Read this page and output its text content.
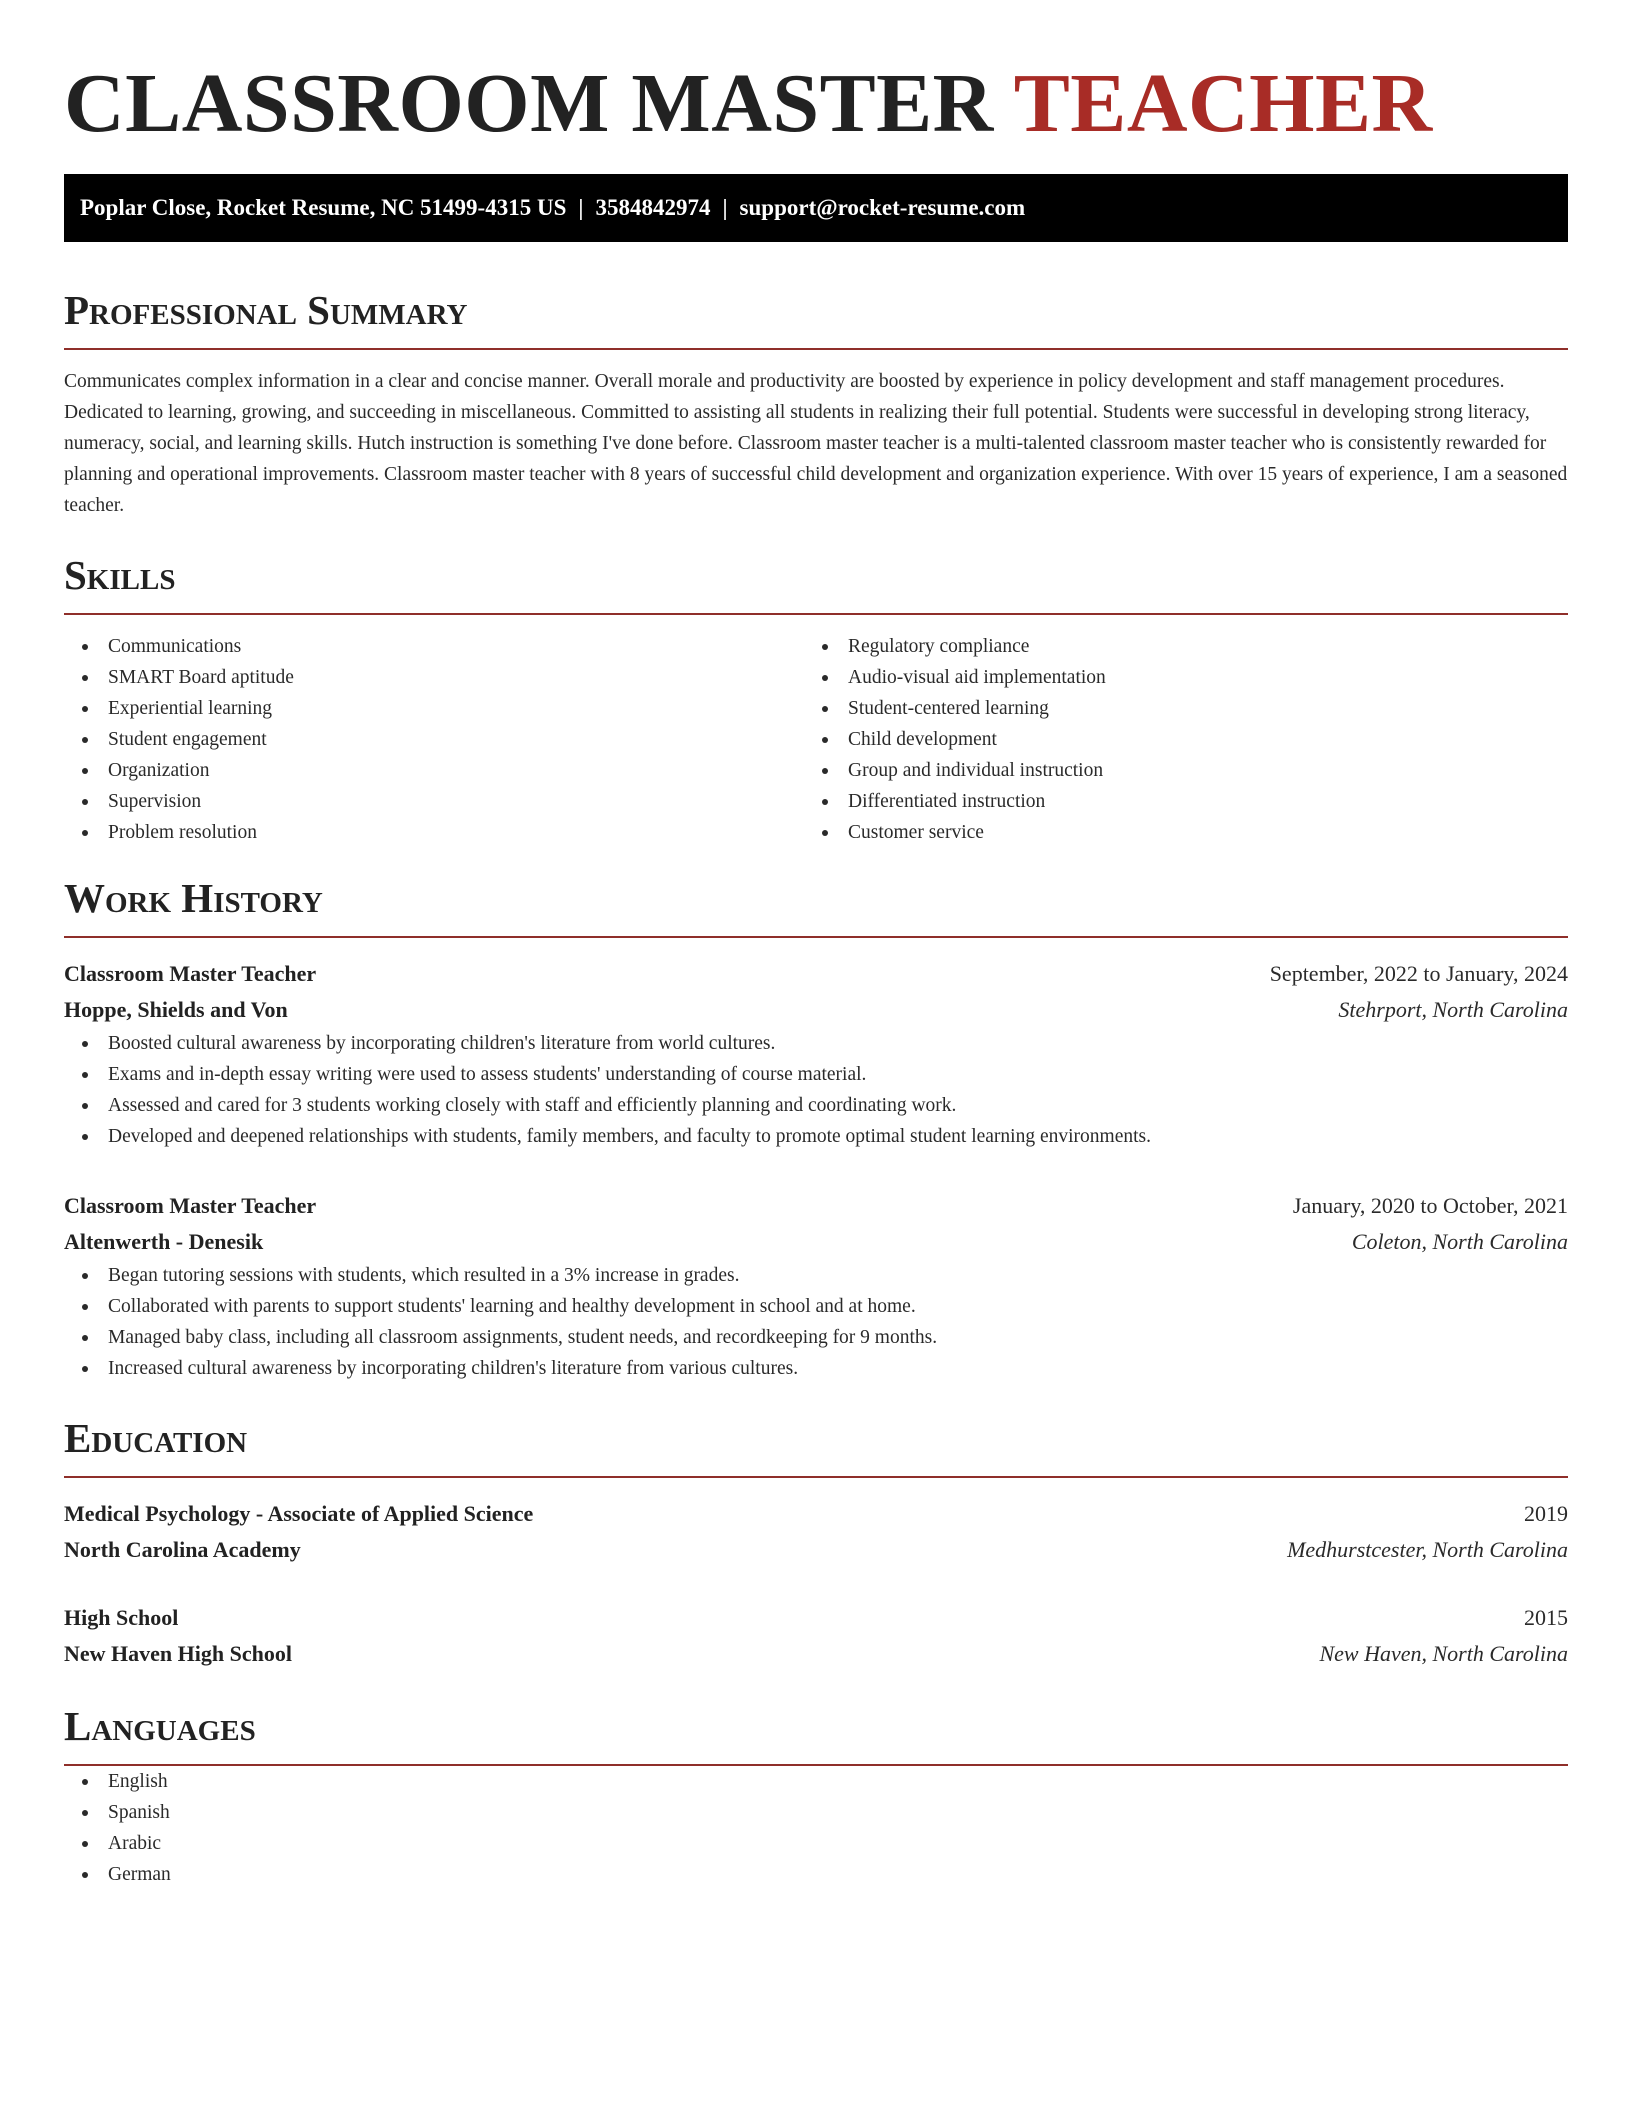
CLASSROOM MASTER TEACHER
Poplar Close, Rocket Resume, NC 51499-4315 US | 3584842974 | support@rocket-resume.com
Professional Summary

Communicates complex information in a clear and concise manner. Overall morale and productivity are boosted by experience in policy development and staff management procedures. Dedicated to learning, growing, and succeeding in miscellaneous. Committed to assisting all students in realizing their full potential. Students were successful in developing strong literacy, numeracy, social, and learning skills. Hutch instruction is something I've done before. Classroom master teacher is a multi-talented classroom master teacher who is consistently rewarded for planning and operational improvements. Classroom master teacher with 8 years of successful child development and organization experience. With over 15 years of experience, I am a seasoned teacher.

Skills
Communications
SMART Board aptitude
Experiential learning
Student engagement
Organization
Supervision
Problem resolution
Regulatory compliance
Audio-visual aid implementation
Student-centered learning
Child development
Group and individual instruction
Differentiated instruction
Customer service
Work History
Classroom Master Teacher	September, 2022 to January, 2024
Hoppe, Shields and Von	Stehrport, North Carolina
Boosted cultural awareness by incorporating children's literature from world cultures.
Exams and in-depth essay writing were used to assess students' understanding of course material.
Assessed and cared for 3 students working closely with staff and efficiently planning and coordinating work.
Developed and deepened relationships with students, family members, and faculty to promote optimal student learning environments.
Classroom Master Teacher	January, 2020 to October, 2021
Altenwerth - Denesik	Coleton, North Carolina
Began tutoring sessions with students, which resulted in a 3% increase in grades.
Collaborated with parents to support students' learning and healthy development in school and at home.
Managed baby class, including all classroom assignments, student needs, and recordkeeping for 9 months.
Increased cultural awareness by incorporating children's literature from various cultures.
Education
Medical Psychology - Associate of Applied Science	2019
North Carolina Academy	Medhurstcester, North Carolina
High School	2015
New Haven High School	New Haven, North Carolina
Languages
English
Spanish
Arabic
German
